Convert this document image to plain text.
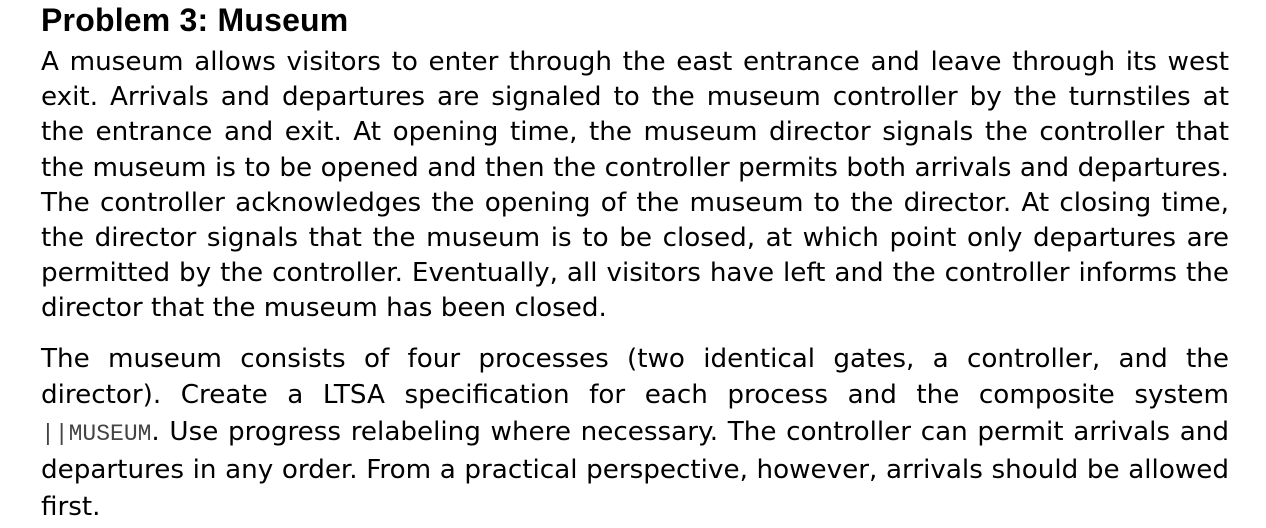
Problem 3: Museum

A museum allows visitors to enter through the east entrance and leave through its west exit. Arrivals and departures are signaled to the museum controller by the turnstiles at the entrance and exit. At opening time, the museum director signals the controller that the museum is to be opened and then the controller permits both arrivals and departures. The controller acknowledges the opening of the museum to the director. At closing time, the director signals that the museum is to be closed, at which point only departures are permitted by the controller. Eventually, all visitors have left and the controller informs the director that the museum has been closed.

The museum consists of four processes (two identical gates, a controller, and the director). Create a LTSA specification for each process and the composite system ||MUSEUM. Use progress relabeling where necessary. The controller can permit arrivals and departures in any order. From a practical perspective, however, arrivals should be allowed first.
